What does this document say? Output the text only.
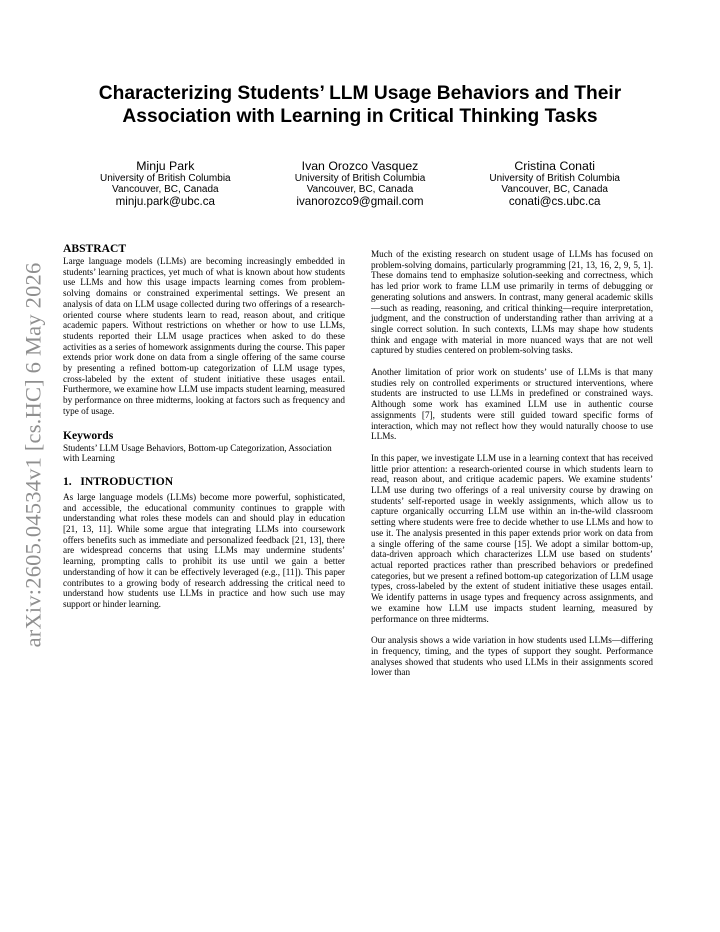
arXiv:2605.04534v1 [cs.HC] 6 May 2026
Characterizing Students’ LLM Usage Behaviors and Their
Association with Learning in Critical Thinking Tasks
Minju Park
University of British Columbia
Vancouver, BC, Canada
minju.park@ubc.ca
Ivan Orozco Vasquez
University of British Columbia
Vancouver, BC, Canada
ivanorozco9@gmail.com
Cristina Conati
University of British Columbia
Vancouver, BC, Canada
conati@cs.ubc.ca
ABSTRACT

Large language models (LLMs) are becoming increasingly embedded in students’ learning practices, yet much of what is known about how students use LLMs and how this usage impacts learning comes from problem-solving domains or constrained experimental settings. We present an analysis of data on LLM usage collected during two offerings of a research-oriented course where students learn to read, reason about, and critique academic papers. Without restrictions on whether or how to use LLMs, students reported their LLM usage practices when asked to do these activities as a series of homework assignments during the course. This paper extends prior work done on data from a single offering of the same course by presenting a refined bottom-up categorization of LLM usage types, cross-labeled by the extent of student initiative these usages entail. Furthermore, we examine how LLM use impacts student learning, measured by performance on three midterms, looking at factors such as frequency and type of usage.

Keywords

Students’ LLM Usage Behaviors, Bottom-up Categorization, Association with Learning

1.   INTRODUCTION

As large language models (LLMs) become more powerful, sophisticated, and accessible, the educational community continues to grapple with understanding what roles these models can and should play in education [21, 13, 11]. While some argue that integrating LLMs into coursework offers benefits such as immediate and personalized feedback [21, 13], there are widespread concerns that using LLMs may undermine students’ learning, prompting calls to prohibit its use until we gain a better understanding of how it can be effectively leveraged (e.g., [11]). This paper contributes to a growing body of research addressing the critical need to understand how students use LLMs in practice and how such use may support or hinder learning.

Much of the existing research on student usage of LLMs has focused on problem-solving domains, particularly programming [21, 13, 16, 2, 9, 5, 1]. These domains tend to emphasize solution-seeking and correctness, which has led prior work to frame LLM use primarily in terms of debugging or generating solutions and answers. In contrast, many general academic skills—such as reading, reasoning, and critical thinking—require interpretation, judgment, and the construction of understanding rather than arriving at a single correct solution. In such contexts, LLMs may shape how students think and engage with material in more nuanced ways that are not well captured by studies centered on problem-solving tasks.

Another limitation of prior work on students’ use of LLMs is that many studies rely on controlled experiments or structured interventions, where students are instructed to use LLMs in predefined or constrained ways. Although some work has examined LLM use in authentic course assignments [7], students were still guided toward specific forms of interaction, which may not reflect how they would naturally choose to use LLMs.

In this paper, we investigate LLM use in a learning context that has received little prior attention: a research-oriented course in which students learn to read, reason about, and critique academic papers. We examine students’ LLM use during two offerings of a real university course by drawing on students’ self-reported usage in weekly assignments, which allow us to capture organically occurring LLM use within an in-the-wild classroom setting where students were free to decide whether to use LLMs and how to use it. The analysis presented in this paper extends prior work on data from a single offering of the same course [15]. We adopt a similar bottom-up, data-driven approach which characterizes LLM use based on students’ actual reported practices rather than prescribed behaviors or predefined categories, but we present a refined bottom-up categorization of LLM usage types, cross-labeled by the extent of student initiative these usages entail. We identify patterns in usage types and frequency across assignments, and we examine how LLM use impacts student learning, measured by performance on three midterms.

Our analysis shows a wide variation in how students used LLMs—differing in frequency, timing, and the types of support they sought. Performance analyses showed that students who used LLMs in their assignments scored lower than
